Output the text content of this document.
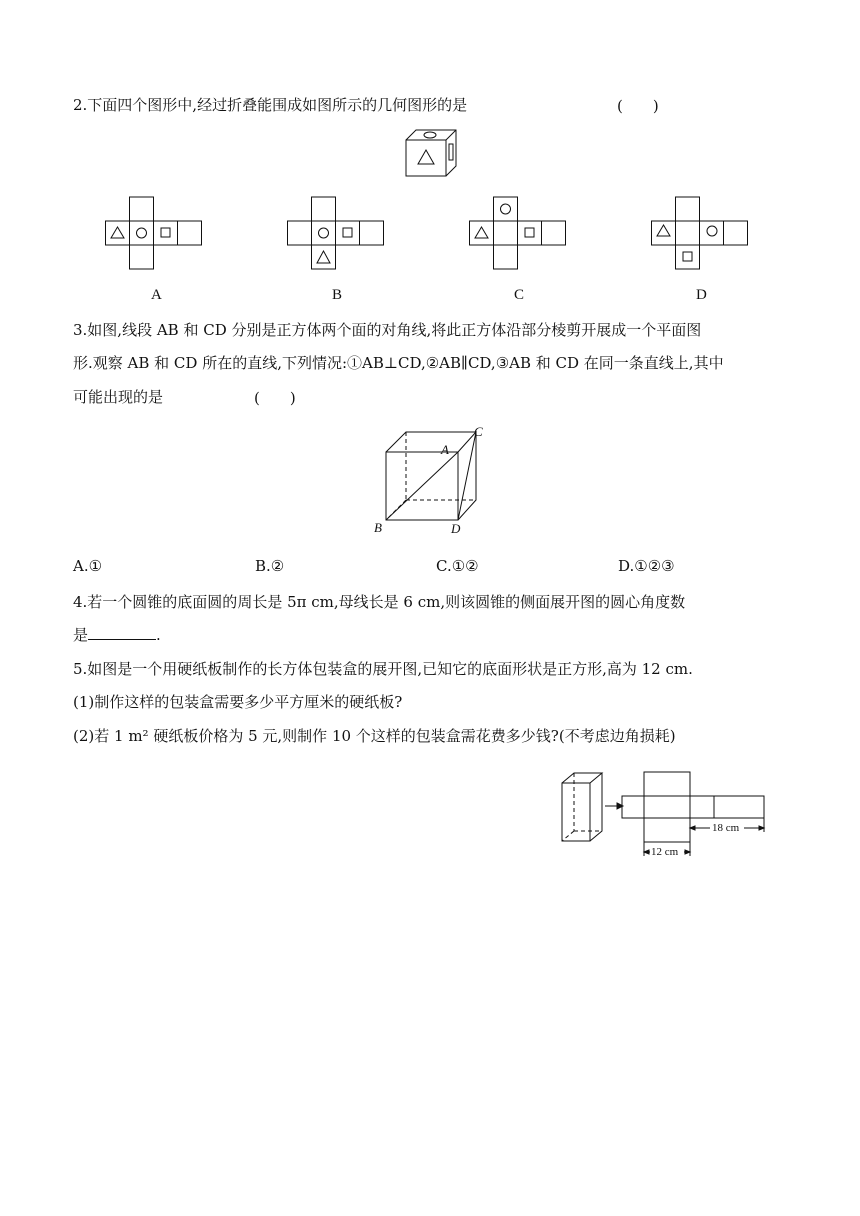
2.下面四个图形中,经过折叠能围成如图所示的几何图形的是	(　　)
A	B	C	D
3.如图,线段 AB 和 CD 分别是正方体两个面的对角线,将此正方体沿部分棱剪开展成一个平面图
形.观察 AB 和 CD 所在的直线,下列情况:①AB⊥CD,②AB∥CD,③AB 和 CD 在同一条直线上,其中
可能出现的是	(　　)
A
C
B	D
A.①	B.②	C.①②	D.①②③
4.若一个圆锥的底面圆的周长是 5π cm,母线长是 6 cm,则该圆锥的侧面展开图的圆心角度数
是	.
5.如图是一个用硬纸板制作的长方体包装盒的展开图,已知它的底面形状是正方形,高为 12 cm.
(1)制作这样的包装盒需要多少平方厘米的硬纸板?
(2)若 1 m² 硬纸板价格为 5 元,则制作 10 个这样的包装盒需花费多少钱?(不考虑边角损耗)
18 cm
12 cm
